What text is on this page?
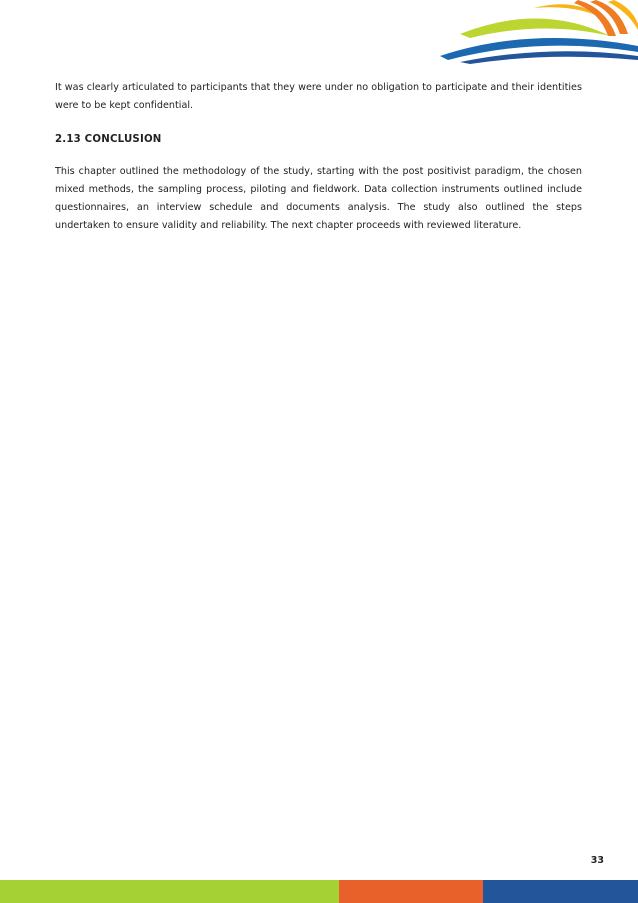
It was clearly articulated to participants that they were under no obligation to participate and their identities were to be kept confidential.

2.13 CONCLUSION

This chapter outlined the methodology of the study, starting with the post positivist paradigm, the chosen mixed methods, the sampling process, piloting and fieldwork. Data collection instruments outlined include questionnaires, an interview schedule and documents analysis. The study also outlined the steps undertaken to ensure validity and reliability. The next chapter proceeds with reviewed literature.

33
